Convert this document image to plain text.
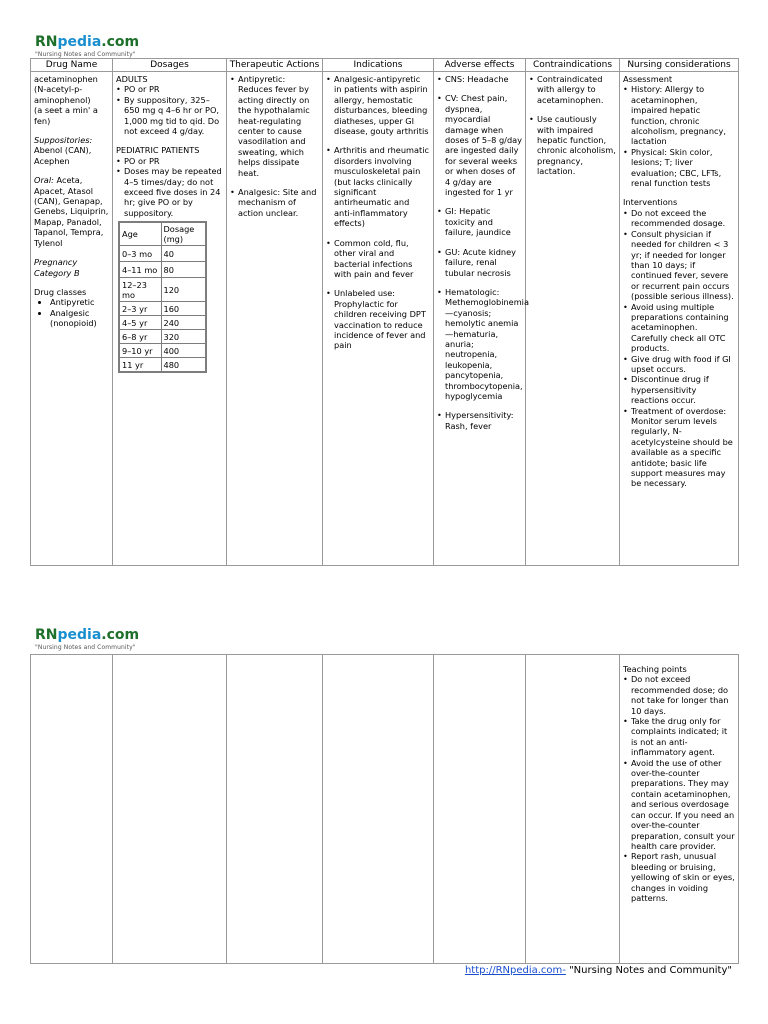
RNpedia.com
"Nursing Notes and Community"
Drug Name	Dosages	Therapeutic Actions	Indications	Adverse effects	Contraindications	Nursing considerations

acetaminophen
(N-acetyl-p-
aminophenol)
(a seet a min' a
fen)
Suppositories:
Abenol (CAN), Acephen
Oral: Aceta, Apacet, Atasol (CAN), Genapap, Genebs, Liquiprin, Mapap, Panadol, Tapanol, Tempra, Tylenol
Pregnancy Category B
Drug classes
• Antipyretic
• Analgesic (nonopioid)

ADULTS
• PO or PR
• By suppository, 325–650 mg q 4–6 hr or PO, 1,000 mg tid to qid. Do not exceed 4 g/day.
PEDIATRIC PATIENTS
• PO or PR
• Doses may be repeated 4–5 times/day; do not exceed five doses in 24 hr; give PO or by suppository.
Age	Dosage (mg)
0–3 mo	40
4–11 mo	80
12–23 mo	120
2–3 yr	160
4–5 yr	240
6–8 yr	320
9–10 yr	400
11 yr	480

• Antipyretic: Reduces fever by acting directly on the hypothalamic heat-regulating center to cause vasodilation and sweating, which helps dissipate heat.
• Analgesic: Site and mechanism of action unclear.

• Analgesic-antipyretic in patients with aspirin allergy, hemostatic disturbances, bleeding diatheses, upper GI disease, gouty arthritis
• Arthritis and rheumatic disorders involving musculoskeletal pain (but lacks clinically significant antirheumatic and anti-inflammatory effects)
• Common cold, flu, other viral and bacterial infections with pain and fever
• Unlabeled use: Prophylactic for children receiving DPT vaccination to reduce incidence of fever and pain

• CNS: Headache
• CV: Chest pain, dyspnea, myocardial damage when doses of 5–8 g/day are ingested daily for several weeks or when doses of 4 g/day are ingested for 1 yr
• GI: Hepatic toxicity and failure, jaundice
• GU: Acute kidney failure, renal tubular necrosis
• Hematologic: Methemoglobinemia—cyanosis; hemolytic anemia—hematuria, anuria; neutropenia, leukopenia, pancytopenia, thrombocytopenia, hypoglycemia
• Hypersensitivity: Rash, fever

• Contraindicated with allergy to acetaminophen.
• Use cautiously with impaired hepatic function, chronic alcoholism, pregnancy, lactation.

Assessment
• History: Allergy to acetaminophen, impaired hepatic function, chronic alcoholism, pregnancy, lactation
• Physical: Skin color, lesions; T; liver evaluation; CBC, LFTs, renal function tests
Interventions
• Do not exceed the recommended dosage.
• Consult physician if needed for children < 3 yr; if needed for longer than 10 days; if continued fever, severe or recurrent pain occurs (possible serious illness).
• Avoid using multiple preparations containing acetaminophen. Carefully check all OTC products.
• Give drug with food if GI upset occurs.
• Discontinue drug if hypersensitivity reactions occur.
• Treatment of overdose: Monitor serum levels regularly, N-acetylcysteine should be available as a specific antidote; basic life support measures may be necessary.
RNpedia.com
"Nursing Notes and Community"

Teaching points
• Do not exceed recommended dose; do not take for longer than 10 days.
• Take the drug only for complaints indicated; it is not an anti-inflammatory agent.
• Avoid the use of other over-the-counter preparations. They may contain acetaminophen, and serious overdosage can occur. If you need an over-the-counter preparation, consult your health care provider.
• Report rash, unusual bleeding or bruising, yellowing of skin or eyes, changes in voiding patterns.
http://RNpedia.com- "Nursing Notes and Community"
